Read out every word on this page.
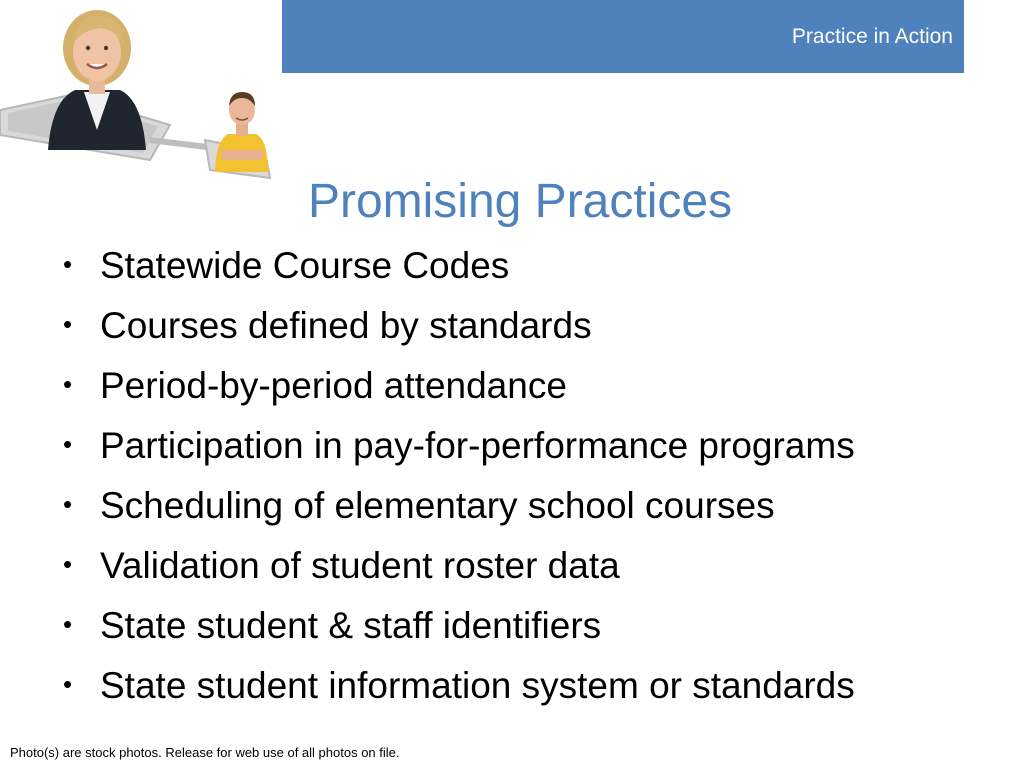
Practice in Action
Promising Practices
• Statewide Course Codes
• Courses defined by standards
• Period-by-period attendance
• Participation in pay-for-performance programs
• Scheduling of elementary school courses
• Validation of student roster data
• State student & staff identifiers
• State student information system or standards
Photo(s) are stock photos. Release for web use of all photos on file.
